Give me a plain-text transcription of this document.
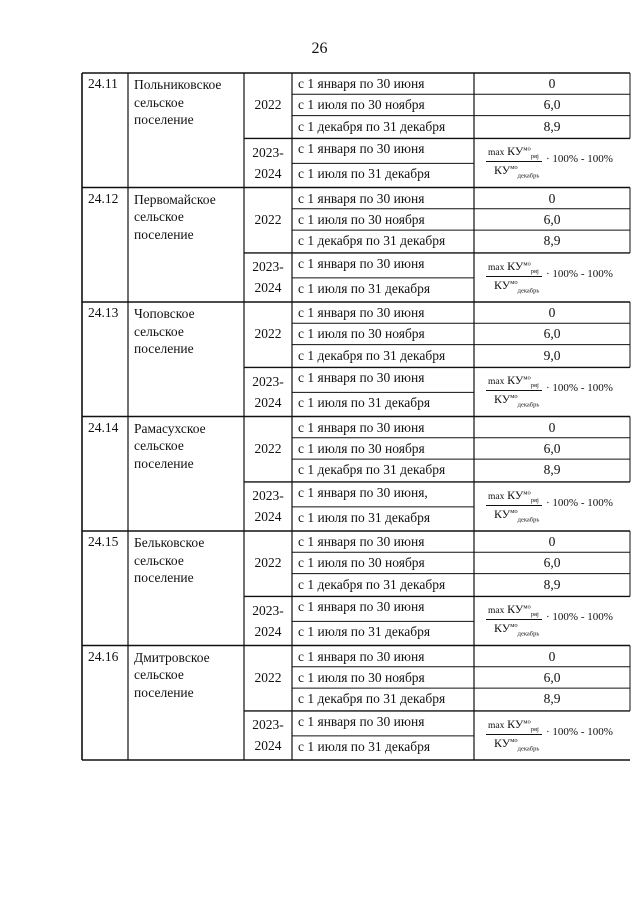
26
24.11 Польниковское
сельское
поселение
2022
с 1 января по 30 июня
с 1 июля по 30 ноября
с 1 декабря по 31 декабря
0
6,0
8,9
2023-
2024
с 1 января по 30 июня
с 1 июля по 31 декабря
$\max КУ^{мо}_{ряj}$
$КУ^{мо}_{декабрь}$
· 100% - 100%
24.12 Первомайское
сельское
поселение
2022
с 1 января по 30 июня
с 1 июля по 30 ноября
с 1 декабря по 31 декабря
0
6,0
8,9
2023-
2024
с 1 января по 30 июня
с 1 июля по 31 декабря
$\max КУ^{мо}_{ряj}$
$КУ^{мо}_{декабрь}$
· 100% - 100%
24.13 Чоповское
сельское
поселение
2022
с 1 января по 30 июня
с 1 июля по 30 ноября
с 1 декабря по 31 декабря
0
6,0
9,0
2023-
2024
с 1 января по 30 июня
с 1 июля по 31 декабря
$\max КУ^{мо}_{ряj}$
$КУ^{мо}_{декабрь}$
· 100% - 100%
24.14 Рамасухское
сельское
поселение
2022
с 1 января по 30 июня
с 1 июля по 30 ноября
с 1 декабря по 31 декабря
0
6,0
8,9
2023-
2024
с 1 января по 30 июня,
с 1 июля по 31 декабря
$\max КУ^{мо}_{ряj}$
$КУ^{мо}_{декабрь}$
· 100% - 100%
24.15 Бельковское
сельское
поселение
2022
с 1 января по 30 июня
с 1 июля по 30 ноября
с 1 декабря по 31 декабря
0
6,0
8,9
2023-
2024
с 1 января по 30 июня
с 1 июля по 31 декабря
$\max КУ^{мо}_{ряj}$
$КУ^{мо}_{декабрь}$
· 100% - 100%
24.16 Дмитровское
сельское
поселение
2022
с 1 января по 30 июня
с 1 июля по 30 ноября
с 1 декабря по 31 декабря
0
6,0
8,9
2023-
2024
с 1 января по 30 июня
с 1 июля по 31 декабря
$\max КУ^{мо}_{ряj}$
$КУ^{мо}_{декабрь}$
· 100% - 100%
